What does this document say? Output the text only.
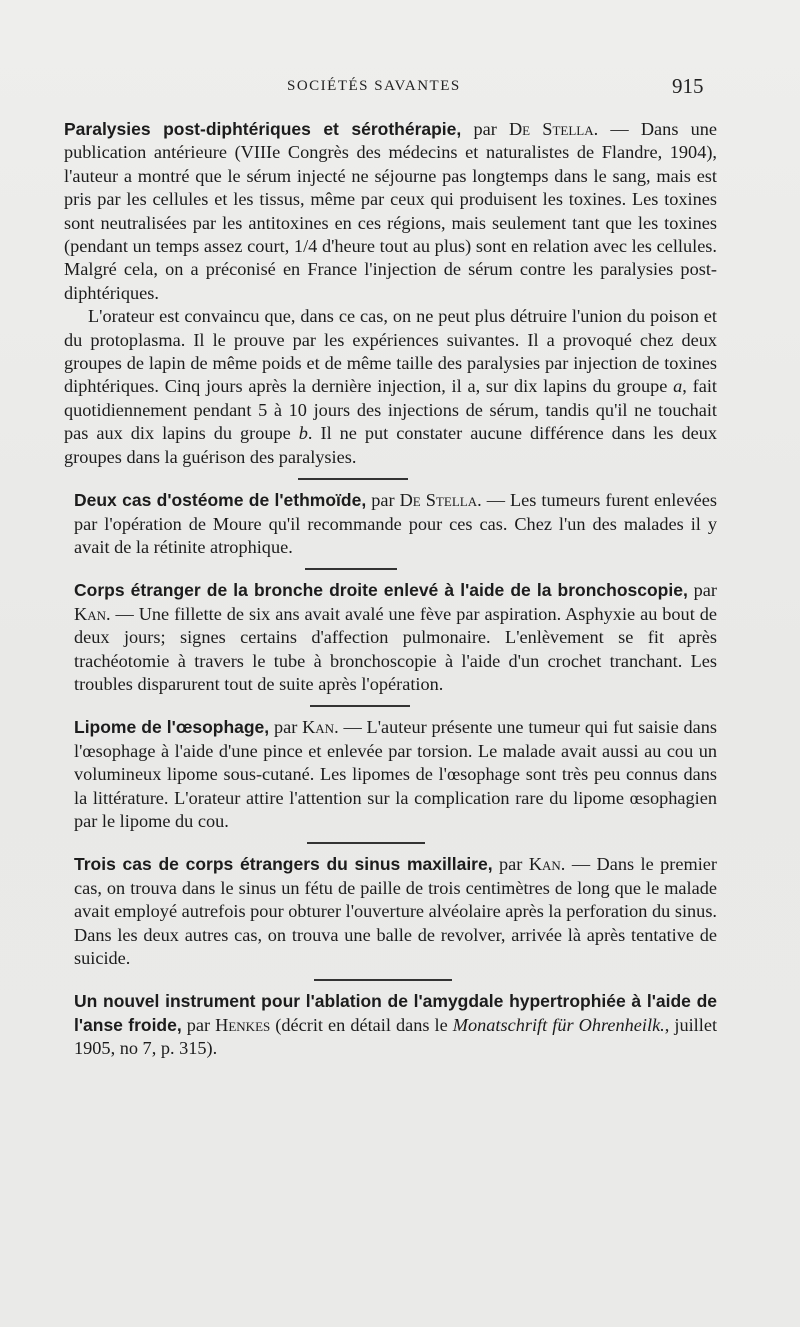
SOCIÉTÉS SAVANTES	915

Paralysies post-diphtériques et sérothérapie, par De Stella. — Dans une publication antérieure (VIIIe Congrès des médecins et naturalistes de Flandre, 1904), l'auteur a montré que le sérum injecté ne séjourne pas longtemps dans le sang, mais est pris par les cellules et les tissus, même par ceux qui produisent les toxines. Les toxines sont neutralisées par les antitoxines en ces régions, mais seulement tant que les toxines (pendant un temps assez court, 1/4 d'heure tout au plus) sont en relation avec les cellules. Malgré cela, on a préconisé en France l'injection de sérum contre les paralysies post-diphtériques.

L'orateur est convaincu que, dans ce cas, on ne peut plus détruire l'union du poison et du protoplasma. Il le prouve par les expériences suivantes. Il a provoqué chez deux groupes de lapin de même poids et de même taille des paralysies par injection de toxines diphtériques. Cinq jours après la dernière injection, il a, sur dix lapins du groupe a, fait quotidiennement pendant 5 à 10 jours des injections de sérum, tandis qu'il ne touchait pas aux dix lapins du groupe b. Il ne put constater aucune différence dans les deux groupes dans la guérison des paralysies.

Deux cas d'ostéome de l'ethmoïde, par De Stella. — Les tumeurs furent enlevées par l'opération de Moure qu'il recommande pour ces cas. Chez l'un des malades il y avait de la rétinite atrophique.

Corps étranger de la bronche droite enlevé à l'aide de la bronchoscopie, par Kan. — Une fillette de six ans avait avalé une fève par aspiration. Asphyxie au bout de deux jours; signes certains d'affection pulmonaire. L'enlèvement se fit après trachéotomie à travers le tube à bronchoscopie à l'aide d'un crochet tranchant. Les troubles disparurent tout de suite après l'opération.

Lipome de l'œsophage, par Kan. — L'auteur présente une tumeur qui fut saisie dans l'œsophage à l'aide d'une pince et enlevée par torsion. Le malade avait aussi au cou un volumineux lipome sous-cutané. Les lipomes de l'œsophage sont très peu connus dans la littérature. L'orateur attire l'attention sur la complication rare du lipome œsophagien par le lipome du cou.

Trois cas de corps étrangers du sinus maxillaire, par Kan. — Dans le premier cas, on trouva dans le sinus un fétu de paille de trois centimètres de long que le malade avait employé autrefois pour obturer l'ouverture alvéolaire après la perforation du sinus. Dans les deux autres cas, on trouva une balle de revolver, arrivée là après tentative de suicide.

Un nouvel instrument pour l'ablation de l'amygdale hypertrophiée à l'aide de l'anse froide, par Henkes (décrit en détail dans le Monatschrift für Ohrenheilk., juillet 1905, no 7, p. 315).
